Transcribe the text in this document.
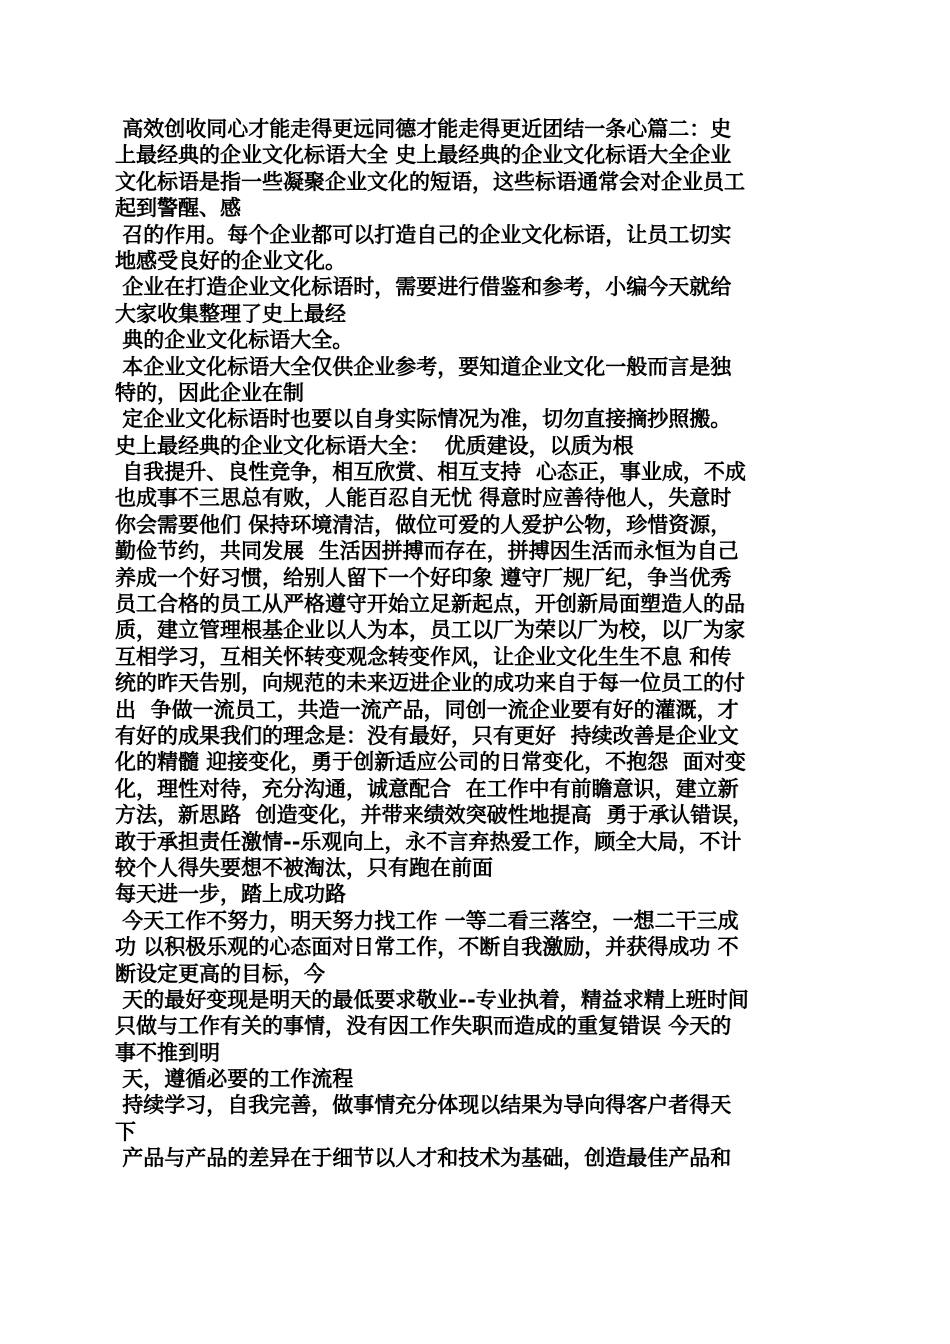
高效创收同心才能走得更远同德才能走得更近团结一条心篇二：史
上最经典的企业文化标语大全 史上最经典的企业文化标语大全企业
文化标语是指一些凝聚企业文化的短语，这些标语通常会对企业员工
起到警醒、感
召的作用。每个企业都可以打造自己的企业文化标语，让员工切实
地感受良好的企业文化。
企业在打造企业文化标语时，需要进行借鉴和参考，小编今天就给
大家收集整理了史上最经
典的企业文化标语大全。
本企业文化标语大全仅供企业参考，要知道企业文化一般而言是独
特的，因此企业在制
定企业文化标语时也要以自身实际情况为准，切勿直接摘抄照搬。
史上最经典的企业文化标语大全：  优质建设，以质为根
自我提升、良性竞争，相互欣赏、相互支持  心态正，事业成，不成
也成事不三思总有败，人能百忍自无忧 得意时应善待他人，失意时
你会需要他们 保持环境清洁，做位可爱的人爱护公物，珍惜资源，
勤俭节约，共同发展  生活因拼搏而存在，拼搏因生活而永恒为自己
养成一个好习惯，给别人留下一个好印象 遵守厂规厂纪，争当优秀
员工合格的员工从严格遵守开始立足新起点，开创新局面塑造人的品
质，建立管理根基企业以人为本，员工以厂为荣以厂为校，以厂为家
互相学习，互相关怀转变观念转变作风，让企业文化生生不息 和传
统的昨天告别，向规范的未来迈进企业的成功来自于每一位员工的付
出  争做一流员工，共造一流产品，同创一流企业要有好的灌溉，才
有好的成果我们的理念是：没有最好，只有更好  持续改善是企业文
化的精髓 迎接变化，勇于创新适应公司的日常变化，不抱怨  面对变
化，理性对待，充分沟通，诚意配合  在工作中有前瞻意识，建立新
方法，新思路  创造变化，并带来绩效突破性地提高  勇于承认错误，
敢于承担责任激情--乐观向上，永不言弃热爱工作，顾全大局，不计
较个人得失要想不被淘汰，只有跑在前面
每天进一步，踏上成功路
今天工作不努力，明天努力找工作 一等二看三落空，一想二干三成
功 以积极乐观的心态面对日常工作，不断自我激励，并获得成功 不
断设定更高的目标，今
天的最好变现是明天的最低要求敬业--专业执着，精益求精上班时间
只做与工作有关的事情，没有因工作失职而造成的重复错误 今天的
事不推到明
天，遵循必要的工作流程
持续学习，自我完善，做事情充分体现以结果为导向得客户者得天
下
产品与产品的差异在于细节以人才和技术为基础，创造最佳产品和
